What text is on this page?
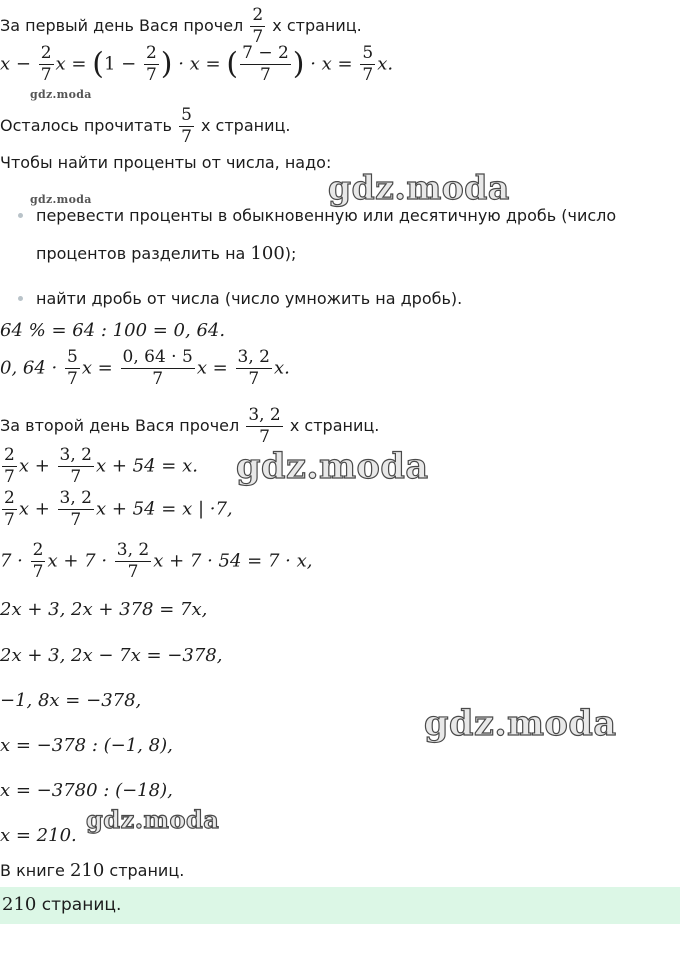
За первый день Вася прочел $\frac{2}{7}$ x страниц.
$x - \frac{2}{7}$ $x = (1 - \frac{2}{7}$ ) · x = ( $\frac{7 - 2}{7}$ ) · $x = \frac{5}{7} x$.
gdz.moda
Осталось прочитать $\frac{5}{7}$ x страниц.
Чтобы найти проценты от числа, надо:
gdz.moda	gdz.moda
перевести проценты в обыкновенную или десятичную дробь (число
процентов разделить на 100);
найти дробь от числа (число умножить на дробь).
64 % = 64 : 100 = 0, 64.
0, $64 \cdot \frac{5}{7}$ $x = \frac{0, 64 \cdot 5}{7}$ $x = \frac{3, 2}{7} x$.
За второй день Вася прочел $\frac{3, 2}{7}$ x страниц.
$\frac{2}{7}$ $x + \frac{3, 2}{7}$ x + 54 = x. gdz.moda
$\frac{2}{7}$ $x + \frac{3, 2}{7}$ x + 54 = x | ·7,
$7 \cdot \frac{2}{7}$ $x + 7 \cdot \frac{3, 2}{7}$ x + 7 · 54 = 7 · x,
2x + 3, 2x + 378 = 7x,
2x + 3, 2x − 7x = −378,
−1, 8x = −378,
gdz.moda
x = −378 : (−1, 8),
x = −3780 : (−18),
x = 210.
gdz.moda
В книге 210 страниц.
210 страниц.
